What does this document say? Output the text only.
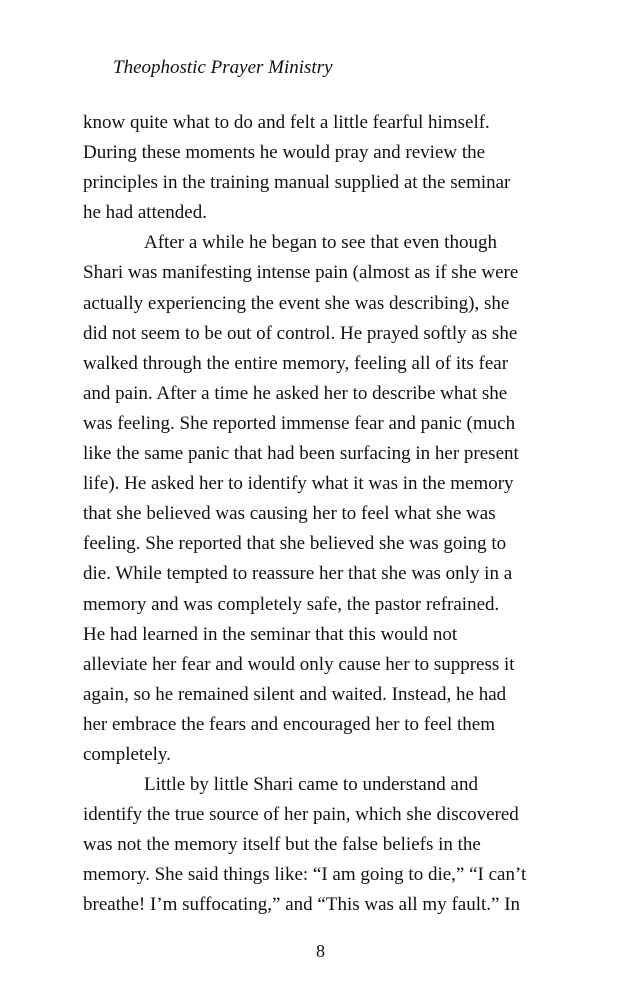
Theophostic Prayer Ministry
know quite what to do and felt a little fearful himself.
During these moments he would pray and review the
principles in the training manual supplied at the seminar
he had attended.
After a while he began to see that even though
Shari was manifesting intense pain (almost as if she were
actually experiencing the event she was describing), she
did not seem to be out of control. He prayed softly as she
walked through the entire memory, feeling all of its fear
and pain. After a time he asked her to describe what she
was feeling. She reported immense fear and panic (much
like the same panic that had been surfacing in her present
life). He asked her to identify what it was in the memory
that she believed was causing her to feel what she was
feeling. She reported that she believed she was going to
die. While tempted to reassure her that she was only in a
memory and was completely safe, the pastor refrained.
He had learned in the seminar that this would not
alleviate her fear and would only cause her to suppress it
again, so he remained silent and waited. Instead, he had
her embrace the fears and encouraged her to feel them
completely.
Little by little Shari came to understand and
identify the true source of her pain, which she discovered
was not the memory itself but the false beliefs in the
memory. She said things like: “I am going to die,” “I can’t
breathe! I’m suffocating,” and “This was all my fault.” In
8
